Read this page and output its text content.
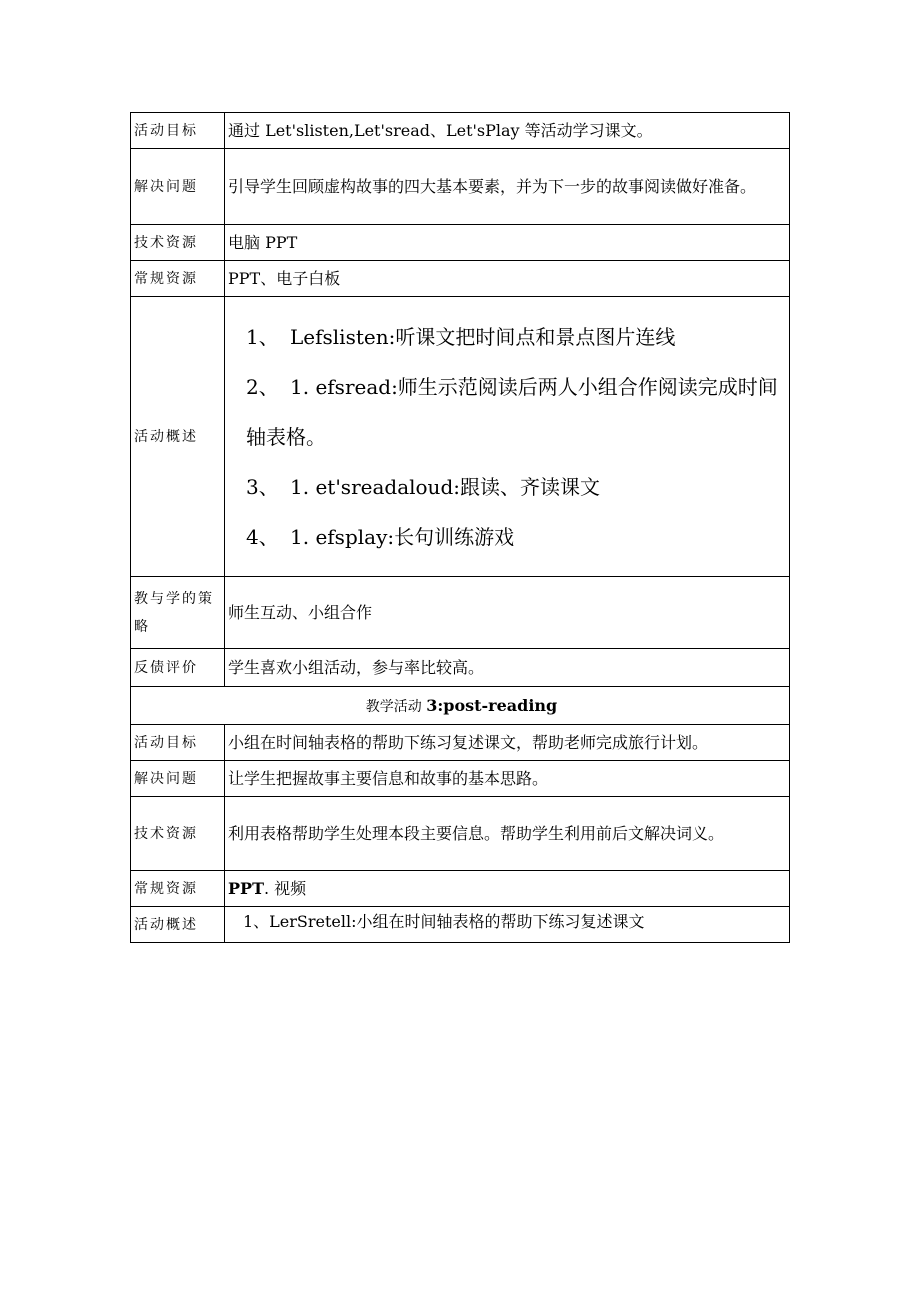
活动目标	通过 Let'slisten,Let'sread、Let'sPlay 等活动学习课文。
解决问题	引导学生回顾虚构故事的四大基本要素，并为下一步的故事阅读做好准备。
技术资源	电脑 PPT
常规资源	PPT、电子白板
活动概述	1、 Lefslisten:听课文把时间点和景点图片连线
2、 1. efsread:师生示范阅读后两人小组合作阅读完成时间轴表格。
3、 1. et'sreadaloud:跟读、齐读课文
4、 1. efsplay:长句训练游戏

教与学的策略	师生互动、小组合作
反债评价	学生喜欢小组活动，参与率比较高。
教学活动 3:post-reading	
活动目标	小组在时间轴表格的帮助下练习复述课文，帮助老师完成旅行计划。
解决问题	让学生把握故事主要信息和故事的基本思路。
技术资源	利用表格帮助学生处理本段主要信息。帮助学生利用前后文解决词义。
常规资源	PPT. 视频
活动概述	1、LerSretell:小组在时间轴表格的帮助下练习复述课文
